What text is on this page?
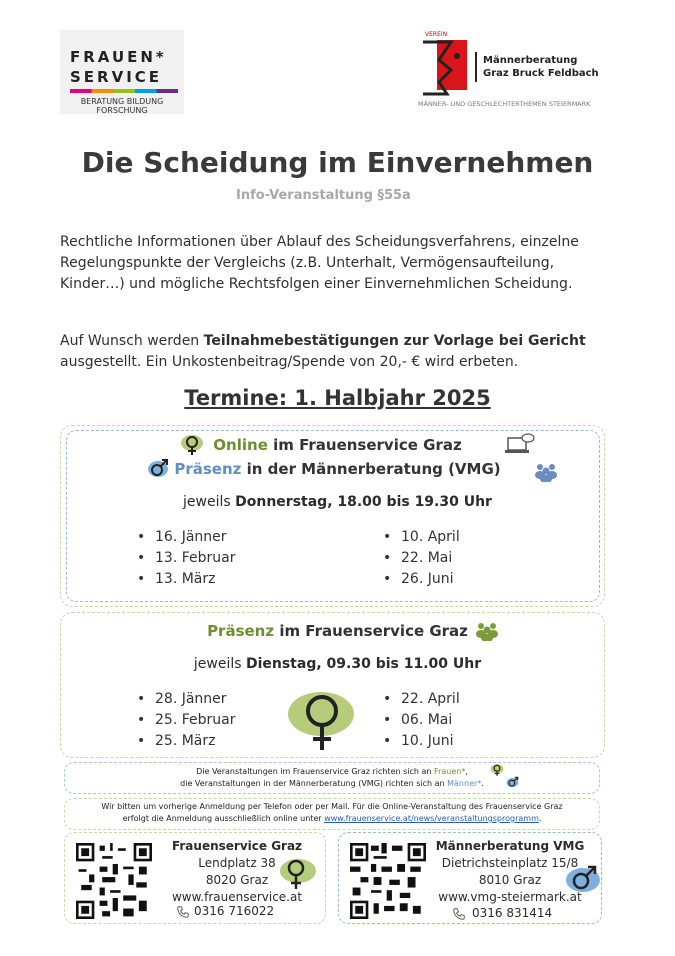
FRAUEN*
SERVICE
BERATUNG BILDUNG FORSCHUNG
VEREIN
Männerberatung
Graz Bruck Feldbach
MÄNNER- UND GESCHLECHTERTHEMEN STEIERMARK
Die Scheidung im Einvernehmen
Info-Veranstaltung §55a
Rechtliche Informationen über Ablauf des Scheidungsverfahrens, einzelne Regelungspunkte der Vergleichs (z.B. Unterhalt, Vermögensaufteilung, Kinder…) und mögliche Rechtsfolgen einer Einvernehmlichen Scheidung.
Auf Wunsch werden Teilnahmebestätigungen zur Vorlage bei Gericht ausgestellt. Ein Unkostenbeitrag/Spende von 20,- € wird erbeten.
Termine: 1. Halbjahr 2025
Online im Frauenservice Graz
Präsenz in der Männerberatung (VMG)
jeweils Donnerstag, 18.00 bis 19.30 Uhr
• 16. Jänner
• 13. Februar
• 13. März
• 10. April
• 22. Mai
• 26. Juni
Präsenz im Frauenservice Graz
jeweils Dienstag, 09.30 bis 11.00 Uhr
• 28. Jänner
• 25. Februar
• 25. März
• 22. April
• 06. Mai
• 10. Juni
Die Veranstaltungen im Frauenservice Graz richten sich an Frauen*,
die Veranstaltungen in der Männerberatung (VMG) richten sich an Männer*.
Wir bitten um vorherige Anmeldung per Telefon oder per Mail. Für die Online-Veranstaltung des Frauenservice Graz
erfolgt die Anmeldung ausschließlich online unter www.frauenservice.at/news/veranstaltungsprogramm.
Frauenservice Graz
Lendplatz 38
8020 Graz
www.frauenservice.at
0316 716022
Männerberatung VMG
Dietrichsteinplatz 15/8
8010 Graz
www.vmg-steiermark.at
0316 831414
